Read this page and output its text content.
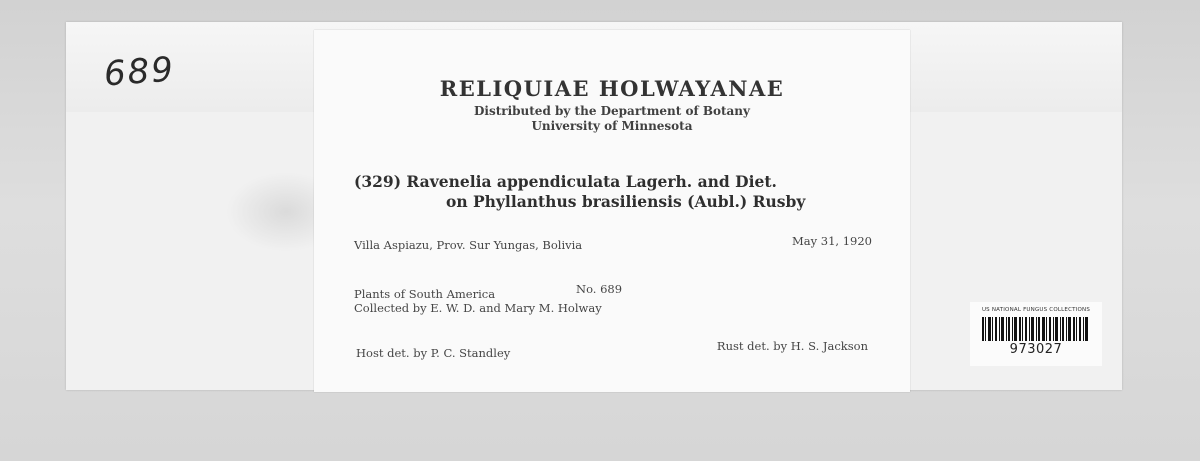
689	RELIQUIAE HOLWAYANAE
Distributed by the Department of Botany
University of Minnesota
(329) Ravenelia appendiculata Lagerh. and Diet.
on Phyllanthus brasiliensis (Aubl.) Rusby
Villa Aspiazu, Prov. Sur Yungas, Bolivia	May 31, 1920
Plants of South America	No. 689
Collected by E. W. D. and Mary M. Holway
Host det. by P. C. Standley	Rust det. by H. S. Jackson
US NATIONAL FUNGUS COLLECTIONS
973027
